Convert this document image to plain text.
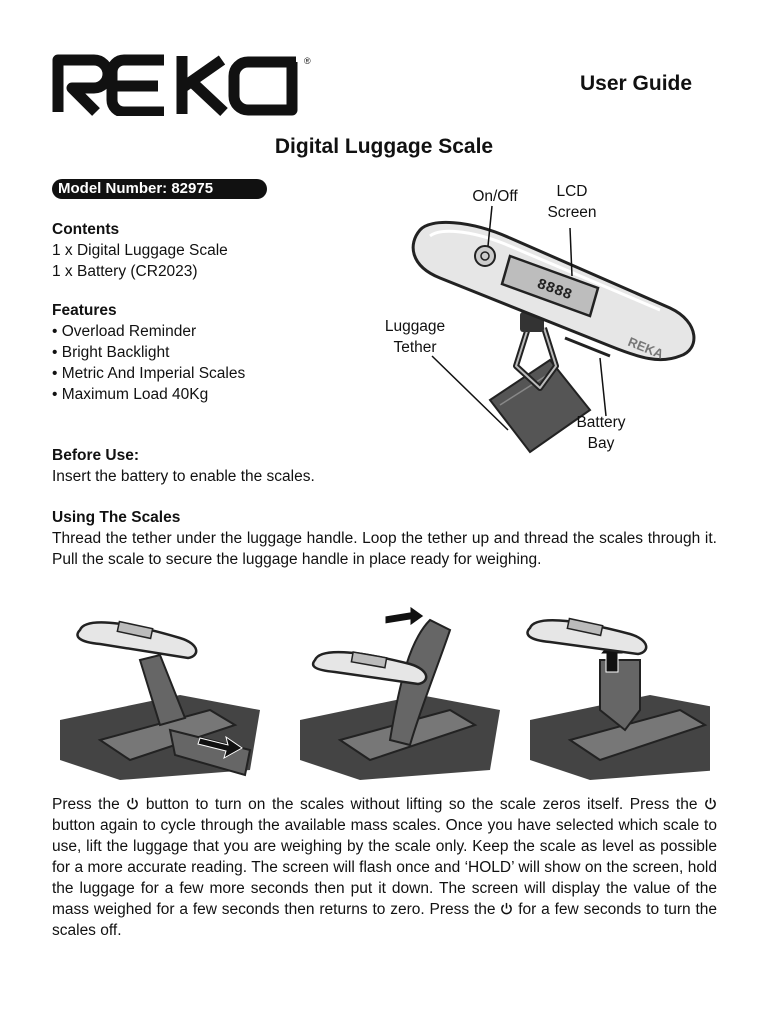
®
User Guide
Digital Luggage Scale
Model Number: 82975
Contents

1 x Digital Luggage Scale

1 x Battery (CR2023)

Features

• Overload Reminder

• Bright Backlight

• Metric And Imperial Scales

• Maximum Load 40Kg

8888
REKA
On/Off	LCD
Screen
Luggage
Tether
Battery
Bay
Before Use:

Insert the battery to enable the scales.

Using The Scales

Thread the tether under the luggage handle. Loop the tether up and thread the scales through it. Pull the scale to secure the luggage handle in place ready for weighing.

Press the button to turn on the scales without lifting so the scale zeros itself. Press the  button again to cycle through the available mass scales. Once you have selected which scale to use, lift the luggage that you are weighing by the scale only. Keep the scale as level as possible for a more accurate reading. The screen will flash once and ‘HOLD’ will show on the screen, hold the luggage for a few more seconds then put it down. The screen will display the value of the mass weighed for a few seconds then returns to zero. Press the for a few seconds to turn the scales off.
